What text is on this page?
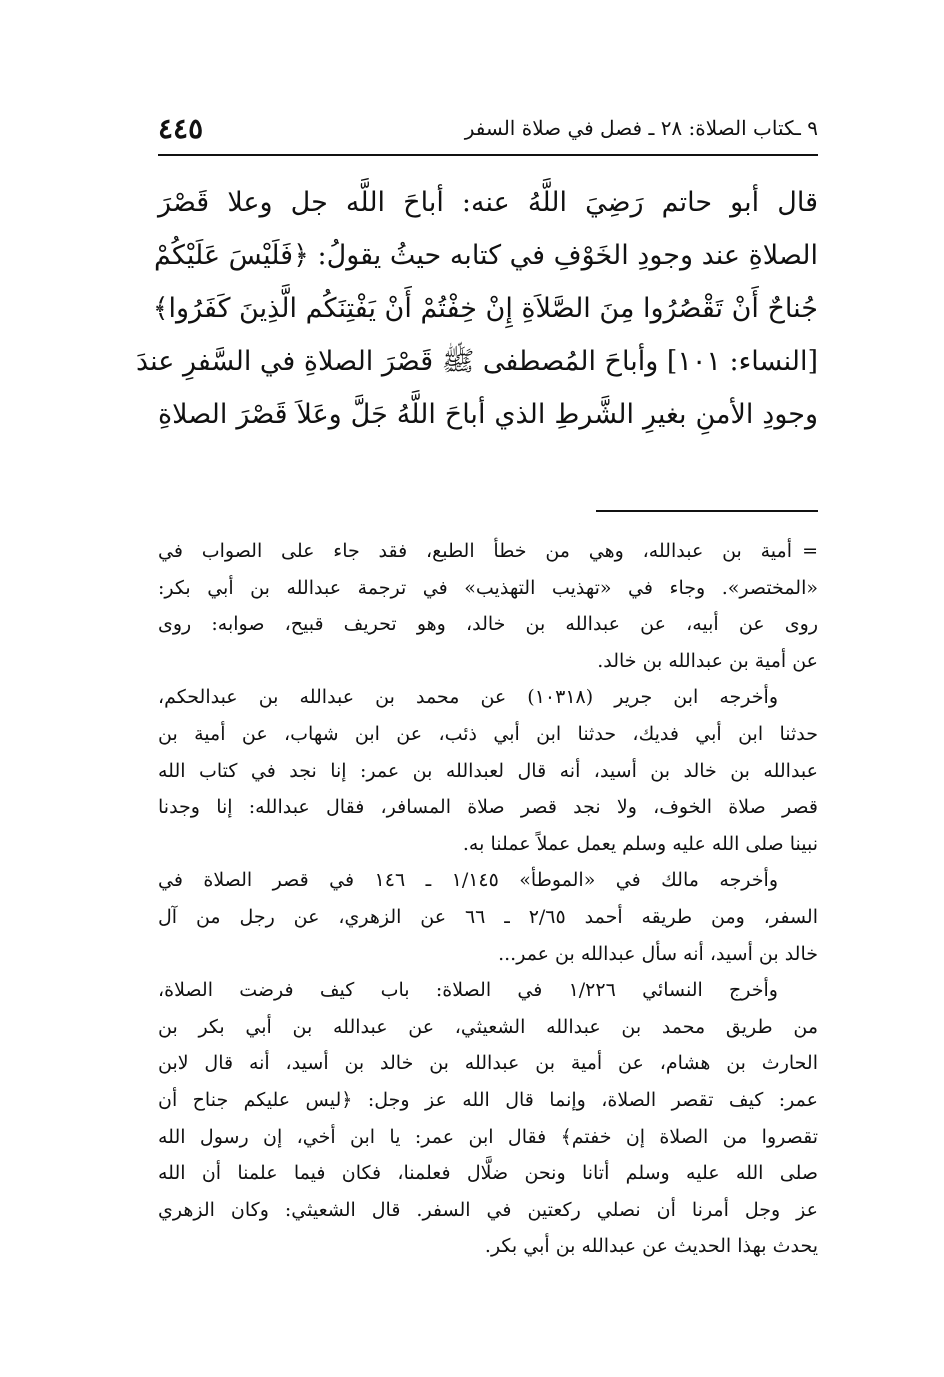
٩ ـكتاب الصلاة: ٢٨ ـ فصل في صلاة السفر
٤٤٥
قال أبو حاتم رَضِيَ اللَّهُ عنه: أباحَ اللَّه جل وعلا قَصْرَ
الصلاةِ عند وجودِ الخَوْفِ في كتابه حيثُ يقولُ: ﴿فَلَيْسَ عَلَيْكُمْ
جُناحٌ أَنْ تَقْصُرُوا مِنَ الصَّلاَةِ إِنْ خِفْتُمْ أَنْ يَفْتِنَكُم الَّذِينَ كَفَرُوا﴾
[النساء: ١٠١] وأباحَ المُصطفى ﷺ قَصْرَ الصلاةِ في السَّفرِ عندَ
وجودِ الأمنِ بغيرِ الشَّرطِ الذي أباحَ اللَّهُ جَلَّ وعَلاَ قَصْرَ الصلاةِ
=
أمية بن عبدالله، وهي من خطأ الطبع، فقد جاء على الصواب في
«المختصر». وجاء في «تهذيب التهذيب» في ترجمة عبدالله بن أبي بكر:
روى عن أبيه، عن عبدالله بن خالد، وهو تحريف قبيح، صوابه: روى
عن أمية بن عبدالله بن خالد.
وأخرجه ابن جرير (١٠٣١٨) عن محمد بن عبدالله بن عبدالحكم،
حدثنا ابن أبي فديك، حدثنا ابن أبي ذئب، عن ابن شهاب، عن أمية بن
عبدالله بن خالد بن أسيد، أنه قال لعبدالله بن عمر: إنا نجد في كتاب الله
قصر صلاة الخوف، ولا نجد قصر صلاة المسافر، فقال عبدالله: إنا وجدنا
نبينا صلى الله عليه وسلم يعمل عملاً عملنا به.
وأخرجه مالك في «الموطأ» ١/١٤٥ ـ ١٤٦ في قصر الصلاة في
السفر، ومن طريقه أحمد ٢/٦٥ ـ ٦٦ عن الزهري، عن رجل من آل
خالد بن أسيد، أنه سأل عبدالله بن عمر...
وأخرج النسائي ١/٢٢٦ في الصلاة: باب كيف فرضت الصلاة،
من طريق محمد بن عبدالله الشعيثي، عن عبدالله بن أبي بكر بن
الحارث بن هشام، عن أمية بن عبدالله بن خالد بن أسيد، أنه قال لابن
عمر: كيف تقصر الصلاة، وإنما قال الله عز وجل: ﴿ليس عليكم جناح أن
تقصروا من الصلاة إن خفتم﴾ فقال ابن عمر: يا ابن أخي، إن رسول الله
صلى الله عليه وسلم أتانا ونحن ضلَّال فعلمنا، فكان فيما علمنا أن الله
عز وجل أمرنا أن نصلي ركعتين في السفر. قال الشعيثي: وكان الزهري
يحدث بهذا الحديث عن عبدالله بن أبي بكر.
